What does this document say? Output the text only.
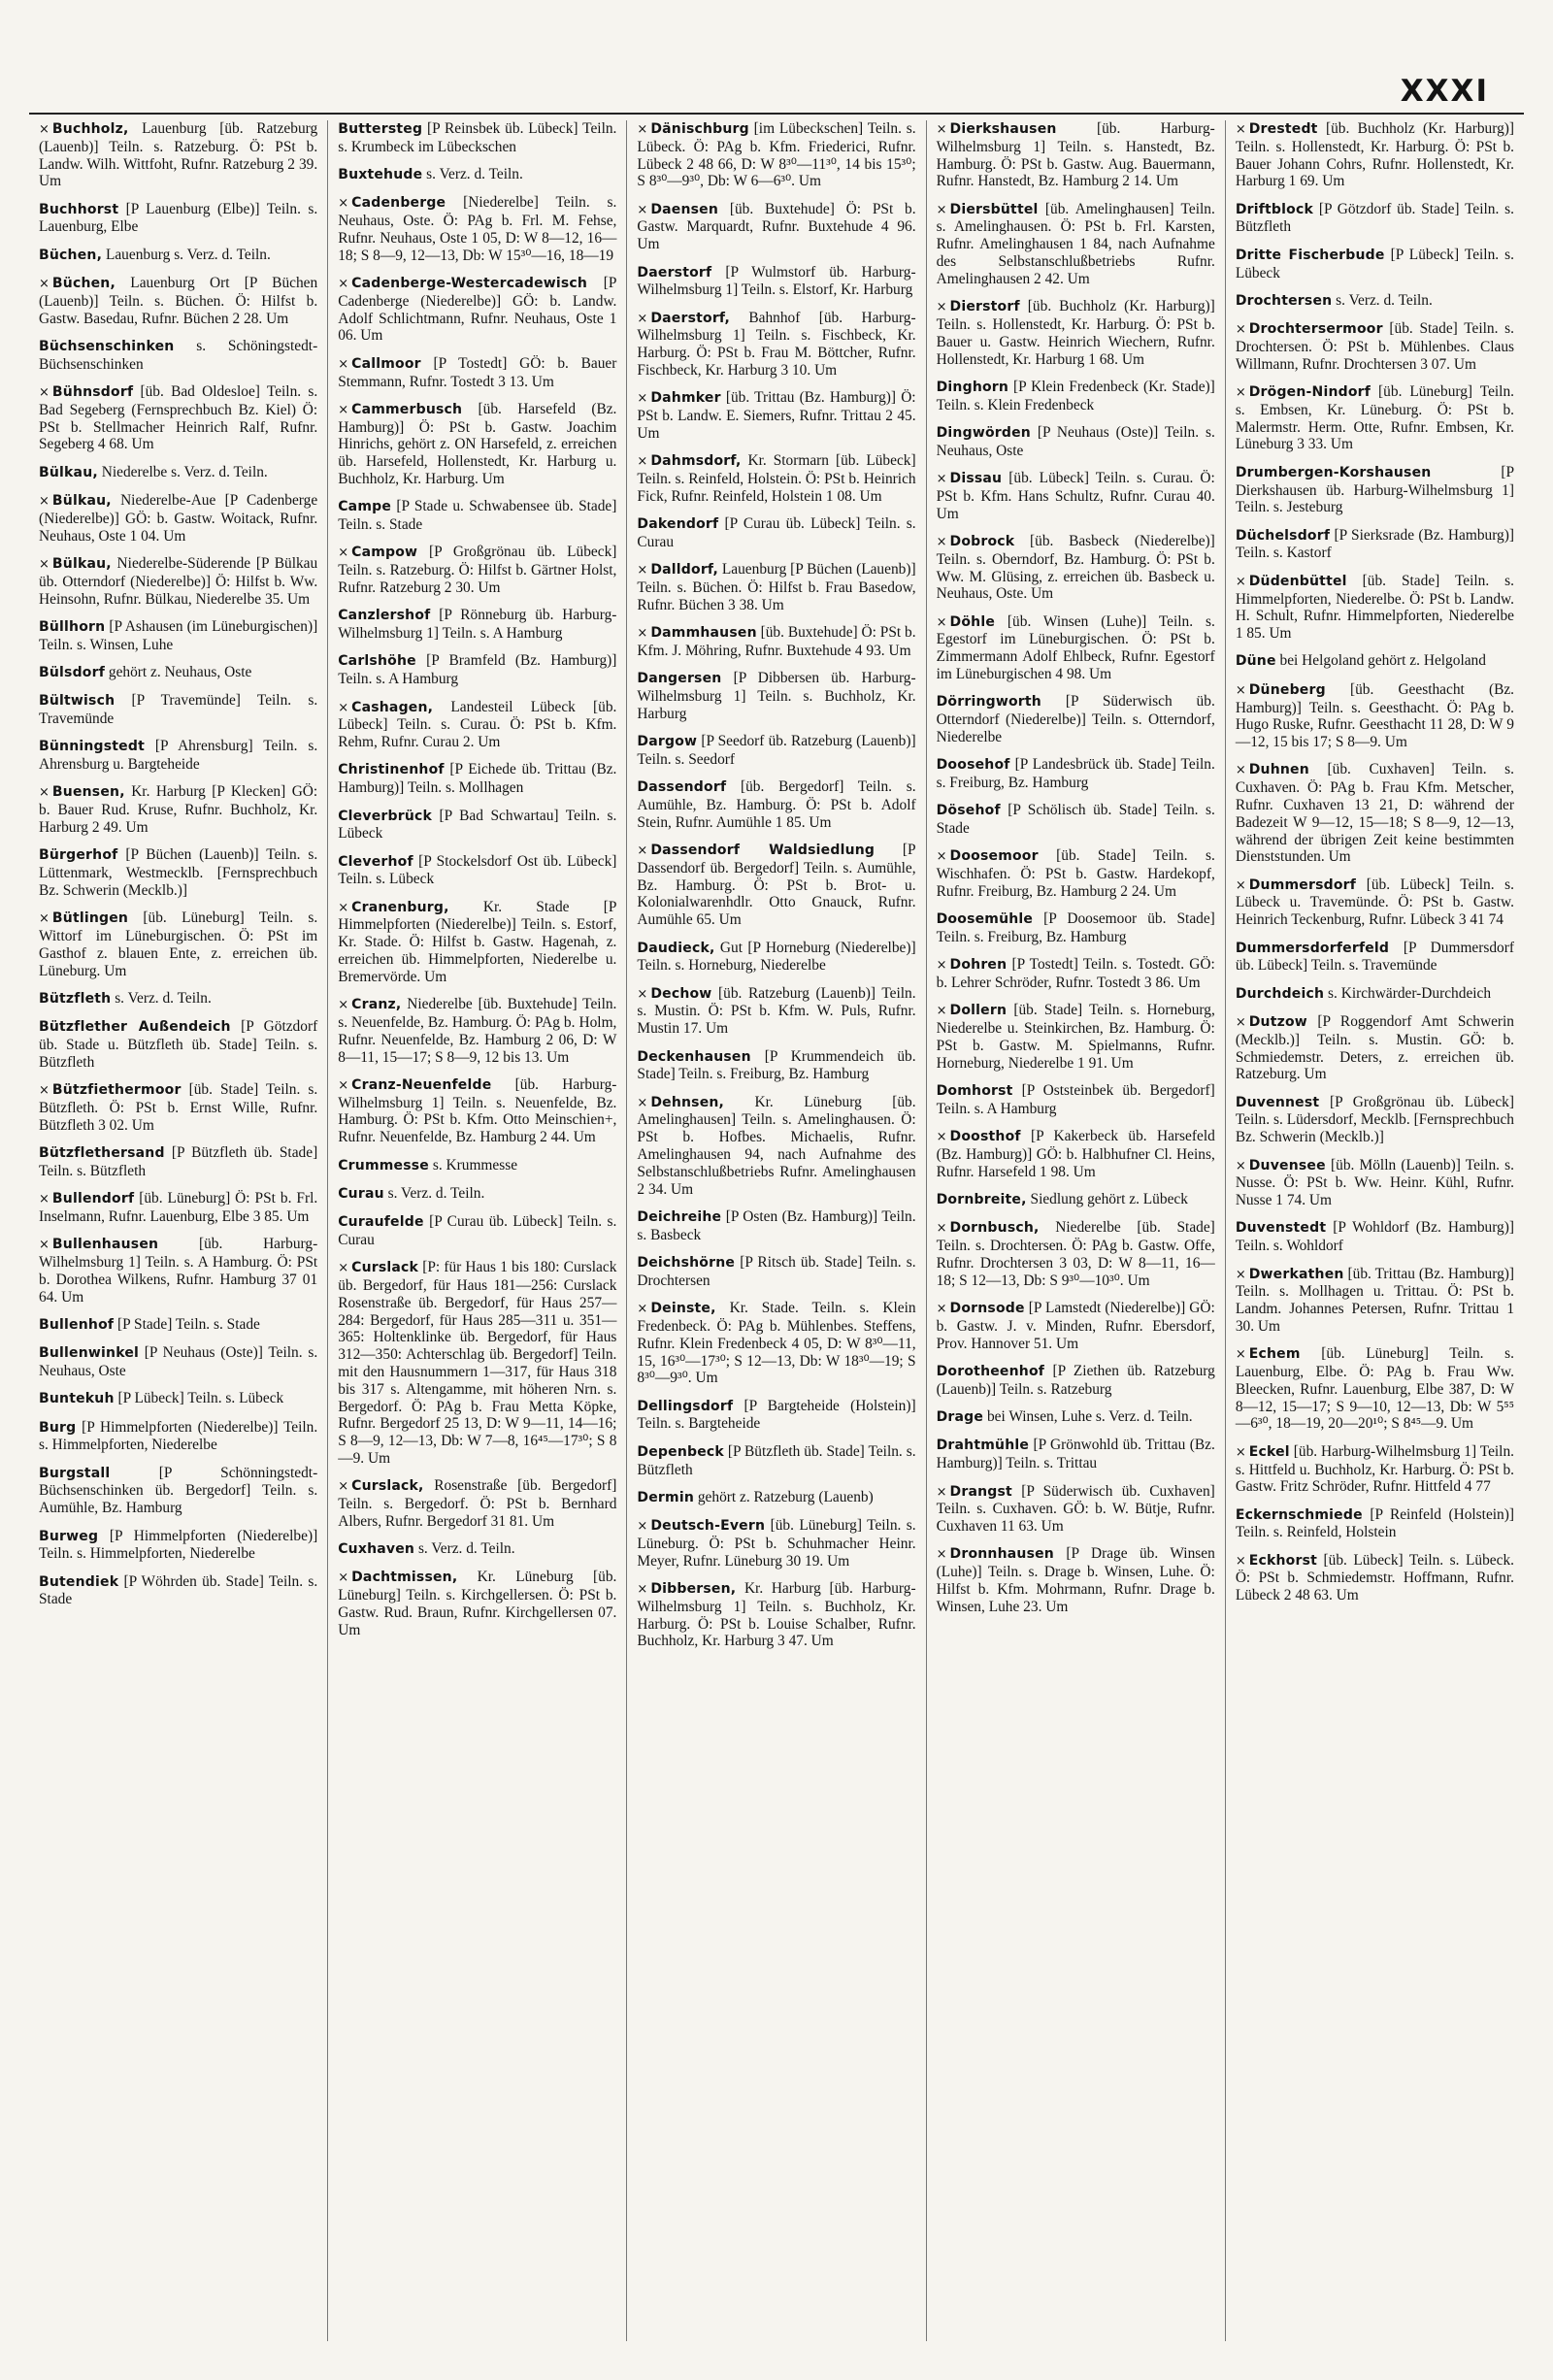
XXXI

× Buchholz, Lauenburg [üb. Ratzeburg (Lauenb)] Teiln. s. Ratzeburg. Ö: PSt b. Landw. Wilh. Wittfoht, Rufnr. Ratzeburg 2 39. Um

Buchhorst [P Lauenburg (Elbe)] Teiln. s. Lauenburg, Elbe

Büchen, Lauenburg s. Verz. d. Teiln.

× Büchen, Lauenburg Ort [P Büchen (Lauenb)] Teiln. s. Büchen. Ö: Hilfst b. Gastw. Basedau, Rufnr. Büchen 2 28. Um

Büchsenschinken s. Schöningstedt-Büchsenschinken

× Bühnsdorf [üb. Bad Oldesloe] Teiln. s. Bad Segeberg (Fernsprechbuch Bz. Kiel) Ö: PSt b. Stellmacher Heinrich Ralf, Rufnr. Segeberg 4 68. Um

Bülkau, Niederelbe s. Verz. d. Teiln.

× Bülkau, Niederelbe-Aue [P Cadenberge (Niederelbe)] GÖ: b. Gastw. Woitack, Rufnr. Neuhaus, Oste 1 04. Um

× Bülkau, Niederelbe-Süderende [P Bülkau üb. Otterndorf (Niederelbe)] Ö: Hilfst b. Ww. Heinsohn, Rufnr. Bülkau, Niederelbe 35. Um

Büllhorn [P Ashausen (im Lüneburgischen)] Teiln. s. Winsen, Luhe

Bülsdorf gehört z. Neuhaus, Oste

Bültwisch [P Travemünde] Teiln. s. Travemünde

Bünningstedt [P Ahrensburg] Teiln. s. Ahrensburg u. Bargteheide

× Buensen, Kr. Harburg [P Klecken] GÖ: b. Bauer Rud. Kruse, Rufnr. Buchholz, Kr. Harburg 2 49. Um

Bürgerhof [P Büchen (Lauenb)] Teiln. s. Lüttenmark, Westmecklb. [Fernsprechbuch Bz. Schwerin (Mecklb.)]

× Bütlingen [üb. Lüneburg] Teiln. s. Wittorf im Lüneburgischen. Ö: PSt im Gasthof z. blauen Ente, z. erreichen üb. Lüneburg. Um

Bützfleth s. Verz. d. Teiln.

Bützflether Außendeich [P Götzdorf üb. Stade u. Bützfleth üb. Stade] Teiln. s. Bützfleth

× Bützfiethermoor [üb. Stade] Teiln. s. Bützfleth. Ö: PSt b. Ernst Wille, Rufnr. Bützfleth 3 02. Um

Bützflethersand [P Bützfleth üb. Stade] Teiln. s. Bützfleth

× Bullendorf [üb. Lüneburg] Ö: PSt b. Frl. Inselmann, Rufnr. Lauenburg, Elbe 3 85. Um

× Bullenhausen	[üb. Harburg-Wilhelmsburg 1] Teiln. s. A Hamburg. Ö: PSt b. Dorothea Wilkens, Rufnr. Hamburg 37 01 64. Um

Bullenhof [P Stade] Teiln. s. Stade

Bullenwinkel [P Neuhaus (Oste)] Teiln. s. Neuhaus, Oste

Buntekuh [P Lübeck] Teiln. s. Lübeck

Burg [P Himmelpforten (Niederelbe)] Teiln. s. Himmelpforten, Niederelbe

Burgstall	[P Schönningstedt-Büchsenschinken üb. Bergedorf] Teiln. s. Aumühle, Bz. Hamburg

Burweg [P Himmelpforten (Niederelbe)] Teiln. s. Himmelpforten, Niederelbe

Butendiek [P Wöhrden üb. Stade] Teiln. s. Stade

Buttersteg [P Reinsbek üb. Lübeck] Teiln. s. Krumbeck im Lübeckschen

Buxtehude s. Verz. d. Teiln.

× Cadenberge [Niederelbe] Teiln. s. Neuhaus, Oste. Ö: PAg b. Frl. M. Fehse, Rufnr. Neuhaus, Oste 1 05, D: W 8—12, 16—18; S 8—9, 12—13, Db: W 15³⁰—16, 18—19

× Cadenberge-Westercadewisch [P Cadenberge (Niederelbe)] GÖ: b. Landw. Adolf Schlichtmann, Rufnr. Neuhaus, Oste 1 06. Um

× Callmoor [P Tostedt] GÖ: b. Bauer Stemmann, Rufnr. Tostedt 3 13. Um

× Cammerbusch [üb. Harsefeld (Bz. Hamburg)] Ö: PSt b. Gastw. Joachim Hinrichs, gehört z. ON Harsefeld, z. erreichen üb. Harsefeld, Hollenstedt, Kr. Harburg u. Buchholz, Kr. Harburg. Um

Campe [P Stade u. Schwabensee üb. Stade] Teiln. s. Stade

× Campow [P Großgrönau üb. Lübeck] Teiln. s. Ratzeburg. Ö: Hilfst b. Gärtner Holst, Rufnr. Ratzeburg 2 30. Um

Canzlershof [P Rönneburg üb. Harburg-Wilhelmsburg 1] Teiln. s. A Hamburg

Carlshöhe [P Bramfeld (Bz. Hamburg)] Teiln. s. A Hamburg

× Cashagen, Landesteil Lübeck [üb. Lübeck] Teiln. s. Curau. Ö: PSt b. Kfm. Rehm, Rufnr. Curau 2. Um

Christinenhof [P Eichede üb. Trittau (Bz. Hamburg)] Teiln. s. Mollhagen

Cleverbrück [P Bad Schwartau] Teiln. s. Lübeck

Cleverhof [P Stockelsdorf Ost üb. Lübeck] Teiln. s. Lübeck

× Cranenburg, Kr. Stade [P Himmelpforten (Niederelbe)] Teiln. s. Estorf, Kr. Stade. Ö: Hilfst b. Gastw. Hagenah, z. erreichen üb. Himmelpforten, Niederelbe u. Bremervörde. Um

× Cranz, Niederelbe [üb. Buxtehude] Teiln. s. Neuenfelde, Bz. Hamburg. Ö: PAg b. Holm, Rufnr. Neuenfelde, Bz. Hamburg 2 06, D: W 8—11, 15—17; S 8—9, 12 bis 13. Um

× Cranz-Neuenfelde [üb. Harburg-Wilhelmsburg 1] Teiln. s. Neuenfelde, Bz. Hamburg. Ö: PSt b. Kfm. Otto Meinschien+, Rufnr. Neuenfelde, Bz. Hamburg 2 44. Um

Crummesse s. Krummesse

Curau s. Verz. d. Teiln.

Curaufelde [P Curau üb. Lübeck] Teiln. s. Curau

× Curslack [P: für Haus 1 bis 180: Curslack üb. Bergedorf, für Haus 181—256: Curslack Rosenstraße üb. Bergedorf, für Haus 257—284: Bergedorf, für Haus 285—311 u. 351—365: Holtenklinke üb. Bergedorf, für Haus 312—350: Achterschlag üb. Bergedorf] Teiln. mit den Hausnummern 1—317, für Haus 318 bis 317 s. Altengamme, mit höheren Nrn. s. Bergedorf. Ö: PAg b. Frau Metta Köpke, Rufnr. Bergedorf 25 13, D: W 9—11, 14—16; S 8—9, 12—13, Db: W 7—8, 16⁴⁵—17³⁰; S 8—9. Um

× Curslack, Rosenstraße [üb. Bergedorf] Teiln. s. Bergedorf. Ö: PSt b. Bernhard Albers, Rufnr. Bergedorf 31 81. Um

Cuxhaven s. Verz. d. Teiln.

× Dachtmissen, Kr. Lüneburg [üb. Lüneburg] Teiln. s. Kirchgellersen. Ö: PSt b. Gastw. Rud. Braun, Rufnr. Kirchgellersen 07. Um

× Dänischburg [im Lübeckschen] Teiln. s. Lübeck. Ö: PAg b. Kfm. Friederici, Rufnr. Lübeck 2 48 66, D: W 8³⁰—11³⁰, 14 bis 15³⁰; S 8³⁰—9³⁰, Db: W 6—6³⁰. Um

× Daensen [üb. Buxtehude] Ö: PSt b. Gastw. Marquardt, Rufnr. Buxtehude 4 96. Um

Daerstorf [P Wulmstorf üb. Harburg-Wilhelmsburg 1] Teiln. s. Elstorf, Kr. Harburg

× Daerstorf, Bahnhof [üb. Harburg-Wilhelmsburg 1] Teiln. s. Fischbeck, Kr. Harburg. Ö: PSt b. Frau M. Böttcher, Rufnr. Fischbeck, Kr. Harburg 3 10. Um

× Dahmker [üb. Trittau (Bz. Hamburg)] Ö: PSt b. Landw. E. Siemers, Rufnr. Trittau 2 45. Um

× Dahmsdorf, Kr. Stormarn [üb. Lübeck] Teiln. s. Reinfeld, Holstein. Ö: PSt b. Heinrich Fick, Rufnr. Reinfeld, Holstein 1 08. Um

Dakendorf [P Curau üb. Lübeck] Teiln. s. Curau

× Dalldorf, Lauenburg [P Büchen (Lauenb)] Teiln. s. Büchen. Ö: Hilfst b. Frau Basedow, Rufnr. Büchen 3 38. Um

× Dammhausen [üb. Buxtehude] Ö: PSt b. Kfm. J. Möhring, Rufnr. Buxtehude 4 93. Um

Dangersen [P Dibbersen üb. Harburg-Wilhelmsburg 1] Teiln. s. Buchholz, Kr. Harburg

Dargow [P Seedorf üb. Ratzeburg (Lauenb)] Teiln. s. Seedorf

Dassendorf [üb. Bergedorf] Teiln. s. Aumühle, Bz. Hamburg. Ö: PSt b. Adolf Stein, Rufnr. Aumühle 1 85. Um

× Dassendorf Waldsiedlung [P Dassendorf üb. Bergedorf] Teiln. s. Aumühle, Bz. Hamburg. Ö: PSt b. Brot- u. Kolonialwarenhdlr. Otto Gnauck, Rufnr. Aumühle 65. Um

Daudieck, Gut [P Horneburg (Niederelbe)] Teiln. s. Horneburg, Niederelbe

× Dechow [üb. Ratzeburg (Lauenb)] Teiln. s. Mustin. Ö: PSt b. Kfm. W. Puls, Rufnr. Mustin 17. Um

Deckenhausen [P Krummendeich üb. Stade] Teiln. s. Freiburg, Bz. Hamburg

× Dehnsen, Kr. Lüneburg [üb. Amelinghausen] Teiln. s. Amelinghausen. Ö: PSt b. Hofbes. Michaelis, Rufnr. Amelinghausen 94, nach Aufnahme des Selbstanschlußbetriebs Rufnr. Amelinghausen 2 34. Um

Deichreihe [P Osten (Bz. Hamburg)] Teiln. s. Basbeck

Deichshörne [P Ritsch üb. Stade] Teiln. s. Drochtersen

× Deinste, Kr. Stade. Teiln. s. Klein Fredenbeck. Ö: PAg b. Mühlenbes. Steffens, Rufnr. Klein Fredenbeck 4 05, D: W 8³⁰—11, 15, 16³⁰—17³⁰; S 12—13, Db: W 18³⁰—19; S 8³⁰—9³⁰. Um

Dellingsdorf [P Bargteheide (Holstein)] Teiln. s. Bargteheide

Depenbeck [P Bützfleth üb. Stade] Teiln. s. Bützfleth

Dermin gehört z. Ratzeburg (Lauenb)

× Deutsch-Evern [üb. Lüneburg] Teiln. s. Lüneburg. Ö: PSt b. Schuhmacher Heinr. Meyer, Rufnr. Lüneburg 30 19. Um

× Dibbersen, Kr. Harburg [üb. Harburg-Wilhelmsburg 1] Teiln. s. Buchholz, Kr. Harburg. Ö: PSt b. Louise Schalber, Rufnr. Buchholz, Kr. Harburg 3 47. Um

× Dierkshausen	[üb. Harburg-Wilhelmsburg 1] Teiln. s. Hanstedt, Bz. Hamburg. Ö: PSt b. Gastw. Aug. Bauermann, Rufnr. Hanstedt, Bz. Hamburg 2 14. Um

× Diersbüttel [üb. Amelinghausen] Teiln. s. Amelinghausen. Ö: PSt b. Frl. Karsten, Rufnr. Amelinghausen 1 84, nach Aufnahme des Selbstanschlußbetriebs Rufnr. Amelinghausen 2 42. Um

× Dierstorf [üb. Buchholz (Kr. Harburg)] Teiln. s. Hollenstedt, Kr. Harburg. Ö: PSt b. Bauer u. Gastw. Heinrich Wiechern, Rufnr. Hollenstedt, Kr. Harburg 1 68. Um

Dinghorn [P Klein Fredenbeck (Kr. Stade)] Teiln. s. Klein Fredenbeck

Dingwörden [P Neuhaus (Oste)] Teiln. s. Neuhaus, Oste

× Dissau [üb. Lübeck] Teiln. s. Curau. Ö: PSt b. Kfm. Hans Schultz, Rufnr. Curau 40. Um

× Dobrock [üb. Basbeck (Niederelbe)] Teiln. s. Oberndorf, Bz. Hamburg. Ö: PSt b. Ww. M. Glüsing, z. erreichen üb. Basbeck u. Neuhaus, Oste. Um

× Döhle [üb. Winsen (Luhe)] Teiln. s. Egestorf im Lüneburgischen. Ö: PSt b. Zimmermann Adolf Ehlbeck, Rufnr. Egestorf im Lüneburgischen 4 98. Um

Dörringworth [P Süderwisch üb. Otterndorf (Niederelbe)] Teiln. s. Otterndorf, Niederelbe

Doosehof [P Landesbrück üb. Stade] Teiln. s. Freiburg, Bz. Hamburg

Dösehof [P Schölisch üb. Stade] Teiln. s. Stade

× Doosemoor [üb. Stade] Teiln. s. Wischhafen. Ö: PSt b. Gastw. Hardekopf, Rufnr. Freiburg, Bz. Hamburg 2 24. Um

Doosemühle [P Doosemoor üb. Stade] Teiln. s. Freiburg, Bz. Hamburg

× Dohren [P Tostedt] Teiln. s. Tostedt. GÖ: b. Lehrer Schröder, Rufnr. Tostedt 3 86. Um

× Dollern [üb. Stade] Teiln. s. Horneburg, Niederelbe u. Steinkirchen, Bz. Hamburg. Ö: PSt b. Gastw. M. Spielmanns, Rufnr. Horneburg, Niederelbe 1 91. Um

Domhorst [P Oststeinbek üb. Bergedorf] Teiln. s. A Hamburg

× Doosthof [P Kakerbeck üb. Harsefeld (Bz. Hamburg)] GÖ: b. Halbhufner Cl. Heins, Rufnr. Harsefeld 1 98. Um

Dornbreite, Siedlung gehört z. Lübeck

× Dornbusch, Niederelbe [üb. Stade] Teiln. s. Drochtersen. Ö: PAg b. Gastw. Offe, Rufnr. Drochtersen 3 03, D: W 8—11, 16—18; S 12—13, Db: S 9³⁰—10³⁰. Um

× Dornsode [P Lamstedt (Niederelbe)] GÖ: b. Gastw. J. v. Minden, Rufnr. Ebersdorf, Prov. Hannover 51. Um

Dorotheenhof [P Ziethen üb. Ratzeburg (Lauenb)] Teiln. s. Ratzeburg

Drage bei Winsen, Luhe s. Verz. d. Teiln.

Drahtmühle [P Grönwohld üb. Trittau (Bz. Hamburg)] Teiln. s. Trittau

× Drangst [P Süderwisch üb. Cuxhaven] Teiln. s. Cuxhaven. GÖ: b. W. Bütje, Rufnr. Cuxhaven 11 63. Um

× Dronnhausen [P Drage üb. Winsen (Luhe)] Teiln. s. Drage b. Winsen, Luhe. Ö: Hilfst b. Kfm. Mohrmann, Rufnr. Drage b. Winsen, Luhe 23. Um

× Drestedt [üb. Buchholz (Kr. Harburg)] Teiln. s. Hollenstedt, Kr. Harburg. Ö: PSt b. Bauer Johann Cohrs, Rufnr. Hollenstedt, Kr. Harburg 1 69. Um

Driftblock [P Götzdorf üb. Stade] Teiln. s. Bützfleth

Dritte Fischerbude [P Lübeck] Teiln. s. Lübeck

Drochtersen s. Verz. d. Teiln.

× Drochtersermoor [üb. Stade] Teiln. s. Drochtersen. Ö: PSt b. Mühlenbes. Claus Willmann, Rufnr. Drochtersen 3 07. Um

× Drögen-Nindorf [üb. Lüneburg] Teiln. s. Embsen, Kr. Lüneburg. Ö: PSt b. Malermstr. Herm. Otte, Rufnr. Embsen, Kr. Lüneburg 3 33. Um

Drumbergen-Korshausen	[P Dierkshausen üb. Harburg-Wilhelmsburg 1] Teiln. s. Jesteburg

Düchelsdorf [P Sierksrade (Bz. Hamburg)] Teiln. s. Kastorf

× Düdenbüttel [üb. Stade] Teiln. s. Himmelpforten, Niederelbe. Ö: PSt b. Landw. H. Schult, Rufnr. Himmelpforten, Niederelbe 1 85. Um

Düne bei Helgoland gehört z. Helgoland

× Düneberg [üb. Geesthacht (Bz. Hamburg)] Teiln. s. Geesthacht. Ö: PAg b. Hugo Ruske, Rufnr. Geesthacht 11 28, D: W 9—12, 15 bis 17; S 8—9. Um

× Duhnen [üb. Cuxhaven] Teiln. s. Cuxhaven. Ö: PAg b. Frau Kfm. Metscher, Rufnr. Cuxhaven 13 21, D: während der Badezeit W 9—12, 15—18; S 8—9, 12—13, während der übrigen Zeit keine bestimmten Dienststunden. Um

× Dummersdorf [üb. Lübeck] Teiln. s. Lübeck u. Travemünde. Ö: PSt b. Gastw. Heinrich Teckenburg, Rufnr. Lübeck 3 41 74

Dummersdorferfeld [P Dummersdorf üb. Lübeck] Teiln. s. Travemünde

Durchdeich s. Kirchwärder-Durchdeich

× Dutzow [P Roggendorf Amt Schwerin (Mecklb.)] Teiln. s. Mustin. GÖ: b. Schmiedemstr. Deters, z. erreichen üb. Ratzeburg. Um

Duvennest [P Großgrönau üb. Lübeck] Teiln. s. Lüdersdorf, Mecklb. [Fernsprechbuch Bz. Schwerin (Mecklb.)]

× Duvensee [üb. Mölln (Lauenb)] Teiln. s. Nusse. Ö: PSt b. Ww. Heinr. Kühl, Rufnr. Nusse 1 74. Um

Duvenstedt [P Wohldorf (Bz. Hamburg)] Teiln. s. Wohldorf

× Dwerkathen [üb. Trittau (Bz. Hamburg)] Teiln. s. Mollhagen u. Trittau. Ö: PSt b. Landm. Johannes Petersen, Rufnr. Trittau 1 30. Um

× Echem [üb. Lüneburg] Teiln. s. Lauenburg, Elbe. Ö: PAg b. Frau Ww. Bleecken, Rufnr. Lauenburg, Elbe 387, D: W 8—12, 15—17; S 9—10, 12—13, Db: W 5⁵⁵—6³⁰, 18—19, 20—20¹⁰; S 8⁴⁵—9. Um

× Eckel [üb. Harburg-Wilhelmsburg 1] Teiln. s. Hittfeld u. Buchholz, Kr. Harburg. Ö: PSt b. Gastw. Fritz Schröder, Rufnr. Hittfeld 4 77

Eckernschmiede [P Reinfeld (Holstein)] Teiln. s. Reinfeld, Holstein

× Eckhorst [üb. Lübeck] Teiln. s. Lübeck. Ö: PSt b. Schmiedemstr. Hoffmann, Rufnr. Lübeck 2 48 63. Um
